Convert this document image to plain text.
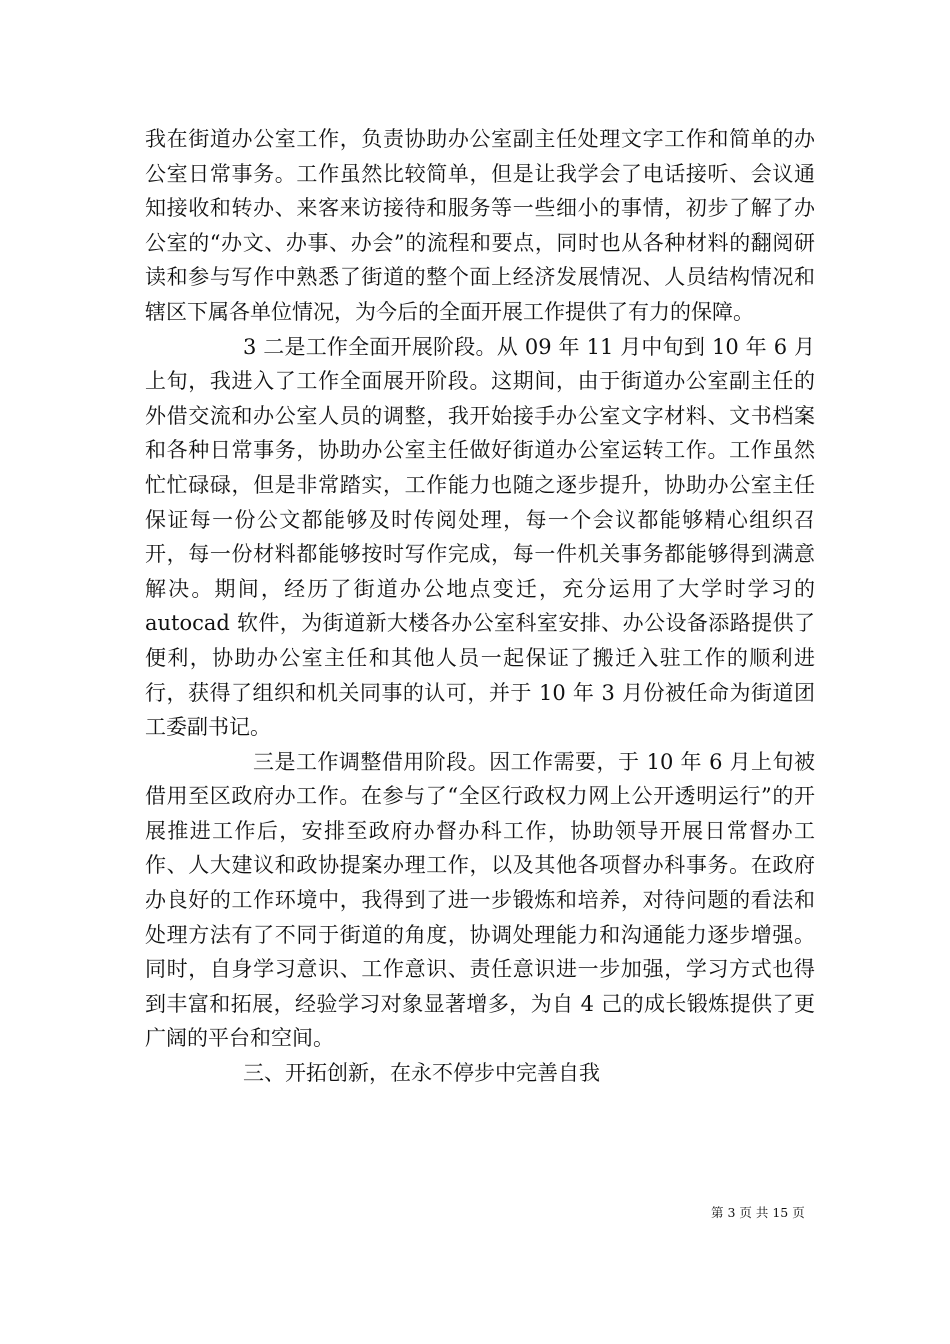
我在街道办公室工作，负责协助办公室副主任处理文字工作和简单的办公室日常事务。工作虽然比较简单，但是让我学会了电话接听、会议通知接收和转办、来客来访接待和服务等一些细小的事情，初步了解了办公室的“办文、办事、办会”的流程和要点，同时也从各种材料的翻阅研读和参与写作中熟悉了街道的整个面上经济发展情况、人员结构情况和辖区下属各单位情况，为今后的全面开展工作提供了有力的保障。

3 二是工作全面开展阶段。从 09 年 11 月中旬到 10 年 6 月上旬，我进入了工作全面展开阶段。这期间，由于街道办公室副主任的外借交流和办公室人员的调整，我开始接手办公室文字材料、文书档案和各种日常事务，协助办公室主任做好街道办公室运转工作。工作虽然忙忙碌碌，但是非常踏实，工作能力也随之逐步提升，协助办公室主任保证每一份公文都能够及时传阅处理，每一个会议都能够精心组织召开，每一份材料都能够按时写作完成，每一件机关事务都能够得到满意解决。期间，经历了街道办公地点变迁，充分运用了大学时学习的 autocad 软件，为街道新大楼各办公室科室安排、办公设备添路提供了便利，协助办公室主任和其他人员一起保证了搬迁入驻工作的顺利进行，获得了组织和机关同事的认可，并于 10 年 3 月份被任命为街道团工委副书记。

三是工作调整借用阶段。因工作需要，于 10 年 6 月上旬被借用至区政府办工作。在参与了“全区行政权力网上公开透明运行”的开展推进工作后，安排至政府办督办科工作，协助领导开展日常督办工作、人大建议和政协提案办理工作，以及其他各项督办科事务。在政府办良好的工作环境中，我得到了进一步锻炼和培养，对待问题的看法和处理方法有了不同于街道的角度，协调处理能力和沟通能力逐步增强。同时，自身学习意识、工作意识、责任意识进一步加强，学习方式也得到丰富和拓展，经验学习对象显著增多，为自 4 己的成长锻炼提供了更广阔的平台和空间。

三、开拓创新，在永不停步中完善自我

第 3 页 共 15 页
